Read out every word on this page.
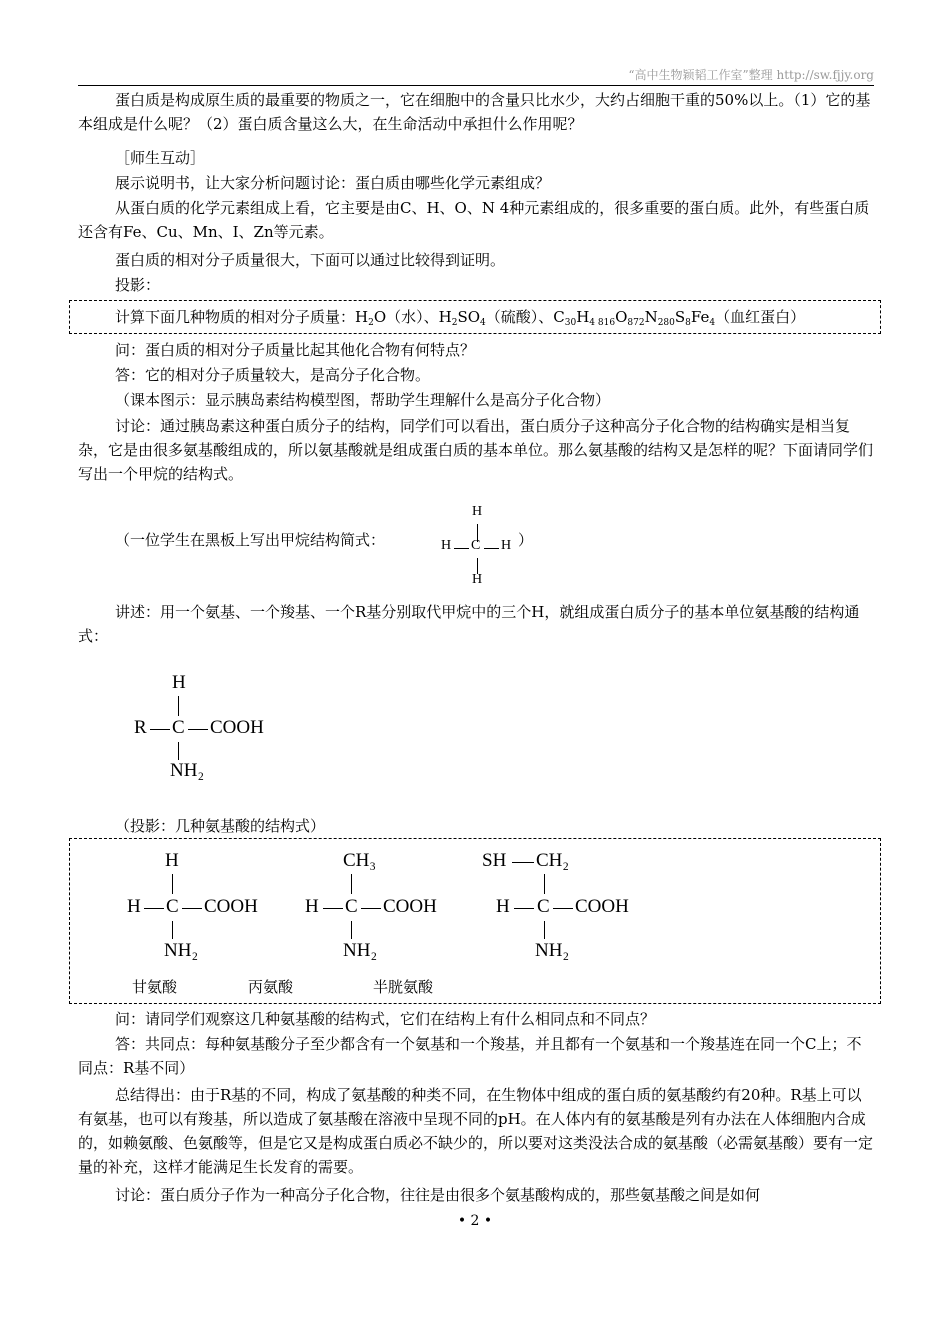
“高中生物颖韬工作室”整理 http://sw.fjjy.org

蛋白质是构成原生质的最重要的物质之一，它在细胞中的含量只比水少，大约占细胞干重的50%以上。（1）它的基本组成是什么呢？（2）蛋白质含量这么大，在生命活动中承担什么作用呢？

［师生互动］

展示说明书，让大家分析问题讨论：蛋白质由哪些化学元素组成？

从蛋白质的化学元素组成上看，它主要是由C、H、O、N 4种元素组成的，很多重要的蛋白质。此外，有些蛋白质还含有Fe、Cu、Mn、I、Zn等元素。

蛋白质的相对分子质量很大，下面可以通过比较得到证明。

投影：

计算下面几种物质的相对分子质量：$H_2O$（水）、$H_2SO_4$（硫酸）、$C_{30}H_{4 816}O_{872}N_{280}S_8Fe_4$（血红蛋白）

问：蛋白质的相对分子质量比起其他化合物有何特点？

答：它的相对分子质量较大，是高分子化合物。

（课本图示：显示胰岛素结构模型图，帮助学生理解什么是高分子化合物）

讨论：通过胰岛素这种蛋白质分子的结构，同学们可以看出，蛋白质分子这种高分子化合物的结构确实是相当复杂，它是由很多氨基酸组成的，所以氨基酸就是组成蛋白质的基本单位。那么氨基酸的结构又是怎样的呢？下面请同学们写出一个甲烷的结构式。

（一位学生在黑板上写出甲烷结构简式：

H
H C H
H

）

讲述：用一个氨基、一个羧基、一个R基分别取代甲烷中的三个H，就组成蛋白质分子的基本单位氨基酸的结构通式：

H
R C COOH
NH₂

（投影：几种氨基酸的结构式）

H
H C COOH
NH₂
CH₃
H C COOH
NH₂
SH CH₂
H C COOH
NH₂
甘氨酸	丙氨酸	半胱氨酸

问：请同学们观察这几种氨基酸的结构式，它们在结构上有什么相同点和不同点？

答：共同点：每种氨基酸分子至少都含有一个氨基和一个羧基，并且都有一个氨基和一个羧基连在同一个C上；不同点：R基不同）

总结得出：由于R基的不同，构成了氨基酸的种类不同，在生物体中组成的蛋白质的氨基酸约有20种。R基上可以有氨基，也可以有羧基，所以造成了氨基酸在溶液中呈现不同的pH。在人体内有的氨基酸是列有办法在人体细胞内合成的，如赖氨酸、色氨酸等，但是它又是构成蛋白质必不缺少的，所以要对这类没法合成的氨基酸（必需氨基酸）要有一定量的补充，这样才能满足生长发育的需要。

讨论：蛋白质分子作为一种高分子化合物，往往是由很多个氨基酸构成的，那些氨基酸之间是如何

• 2 •
